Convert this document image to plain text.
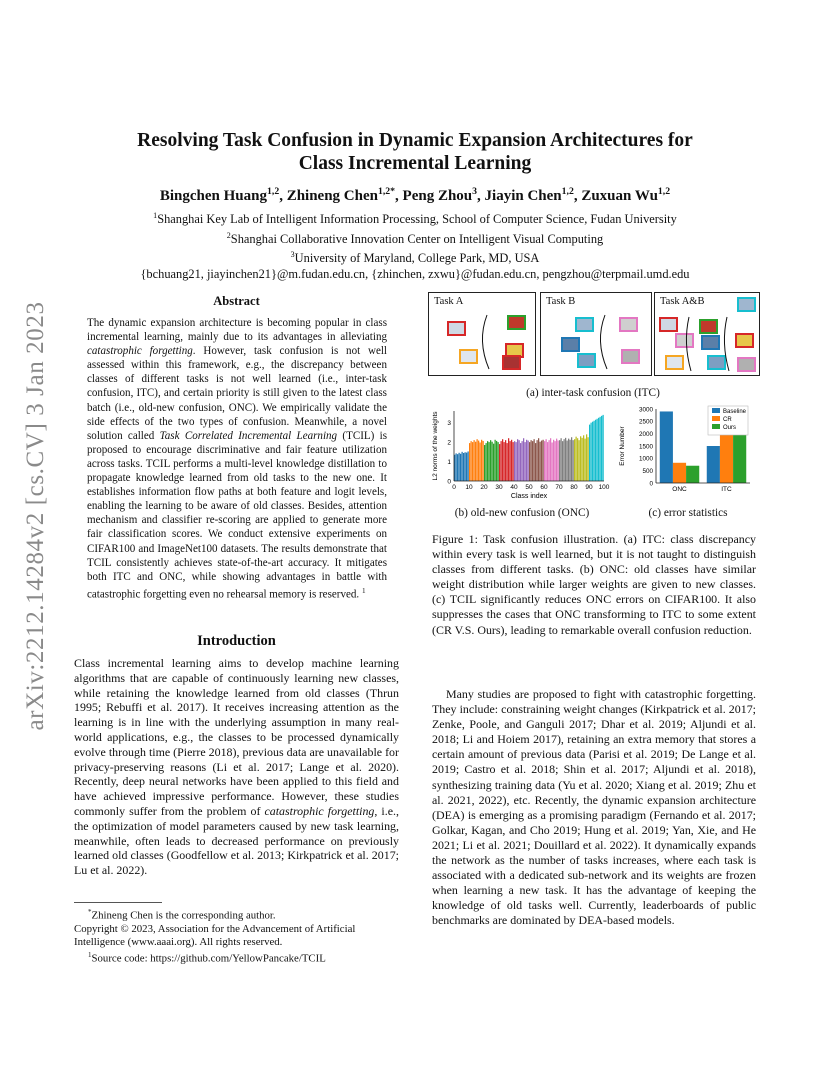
arXiv:2212.14284v2 [cs.CV] 3 Jan 2023
Resolving Task Confusion in Dynamic Expansion Architectures for
Class Incremental Learning
Bingchen Huang$^{1,2}$, Zhineng Chen$^{1,2*}$, Peng Zhou$^3$, Jiayin Chen$^{1,2}$, Zuxuan Wu$^{1,2}$
$^1$Shanghai Key Lab of Intelligent Information Processing, School of Computer Science, Fudan University
$^2$Shanghai Collaborative Innovation Center on Intelligent Visual Computing
$^3$University of Maryland, College Park, MD, USA
{bchuang21, jiayinchen21}@m.fudan.edu.cn, {zhinchen, zxwu}@fudan.edu.cn, pengzhou@terpmail.umd.edu
Abstract
The dynamic expansion architecture is becoming popular in class incremental learning, mainly due to its advantages in alleviating catastrophic forgetting. However, task confusion is not well assessed within this framework, e.g., the discrepancy between classes of different tasks is not well learned (i.e., inter-task confusion, ITC), and certain priority is still given to the latest class batch (i.e., old-new confusion, ONC). We empirically validate the side effects of the two types of confusion. Meanwhile, a novel solution called Task Correlated Incremental Learning (TCIL) is proposed to encourage discriminative and fair feature utilization across tasks. TCIL performs a multi-level knowledge distillation to propagate knowledge learned from old tasks to the new one. It establishes information flow paths at both feature and logit levels, enabling the learning to be aware of old classes. Besides, attention mechanism and classifier re-scoring are applied to generate more fair classification scores. We conduct extensive experiments on CIFAR100 and ImageNet100 datasets. The results demonstrate that TCIL consistently achieves state-of-the-art accuracy. It mitigates both ITC and ONC, while showing advantages in battle with catastrophic forgetting even no rehearsal memory is reserved. $^1$
Introduction
Class incremental learning aims to develop machine learning algorithms that are capable of continuously learning new classes, while retaining the knowledge learned from old classes (Thrun 1995; Rebuffi et al. 2017). It receives increasing attention as the learning is in line with the underlying assumption in many real-world applications, e.g., the classes to be processed dynamically evolve through time (Pierre 2018), previous data are unavailable for privacy-preserving reasons (Li et al. 2017; Lange et al. 2020). Recently, deep neural networks have been applied to this field and have achieved impressive performance. However, these studies commonly suffer from the problem of catastrophic forgetting, i.e., the optimization of model parameters caused by new task learning, meanwhile, often leads to decreased performance on previously learned old classes (Goodfellow et al. 2013; Kirkpatrick et al. 2017; Lu et al. 2022).
*Zhineng Chen is the corresponding author.
Copyright © 2023, Association for the Advancement of Artificial Intelligence (www.aaai.org). All rights reserved.
$^1$Source code: https://github.com/YellowPancake/TCIL
Task A	Task B	Task A&B
(a) inter-task confusion (ITC)
0 10 20 30 40 50 60 70 80 90 100
0
1
2
3
Class index
L2 norms of the weights
ONC	ITC
0
500
1000
1500
2000
2500
3000
Error Number
Baseline
CR
Ours
(b) old-new confusion (ONC)	(c) error statistics
Figure 1: Task confusion illustration. (a) ITC: class discrepancy within every task is well learned, but it is not taught to distinguish classes from different tasks. (b) ONC: old classes have similar weight distribution while larger weights are given to new classes. (c) TCIL significantly reduces ONC errors on CIFAR100. It also suppresses the cases that ONC transforming to ITC to some extent (CR V.S. Ours), leading to remarkable overall confusion reduction.
Many studies are proposed to fight with catastrophic forgetting. They include: constraining weight changes (Kirkpatrick et al. 2017; Zenke, Poole, and Ganguli 2017; Dhar et al. 2019; Aljundi et al. 2018; Li and Hoiem 2017), retaining an extra memory that stores a certain amount of previous data (Parisi et al. 2019; De Lange et al. 2019; Castro et al. 2018; Shin et al. 2017; Aljundi et al. 2018), synthesizing training data (Yu et al. 2020; Xiang et al. 2019; Zhu et al. 2021, 2022), etc. Recently, the dynamic expansion architecture (DEA) is emerging as a promising paradigm (Fernando et al. 2017; Golkar, Kagan, and Cho 2019; Hung et al. 2019; Yan, Xie, and He 2021; Li et al. 2021; Douillard et al. 2022). It dynamically expands the network as the number of tasks increases, where each task is associated with a dedicated sub-network and its weights are frozen when learning a new task. It has the advantage of keeping the knowledge of old tasks well. Currently, leaderboards of public benchmarks are dominated by DEA-based models.
